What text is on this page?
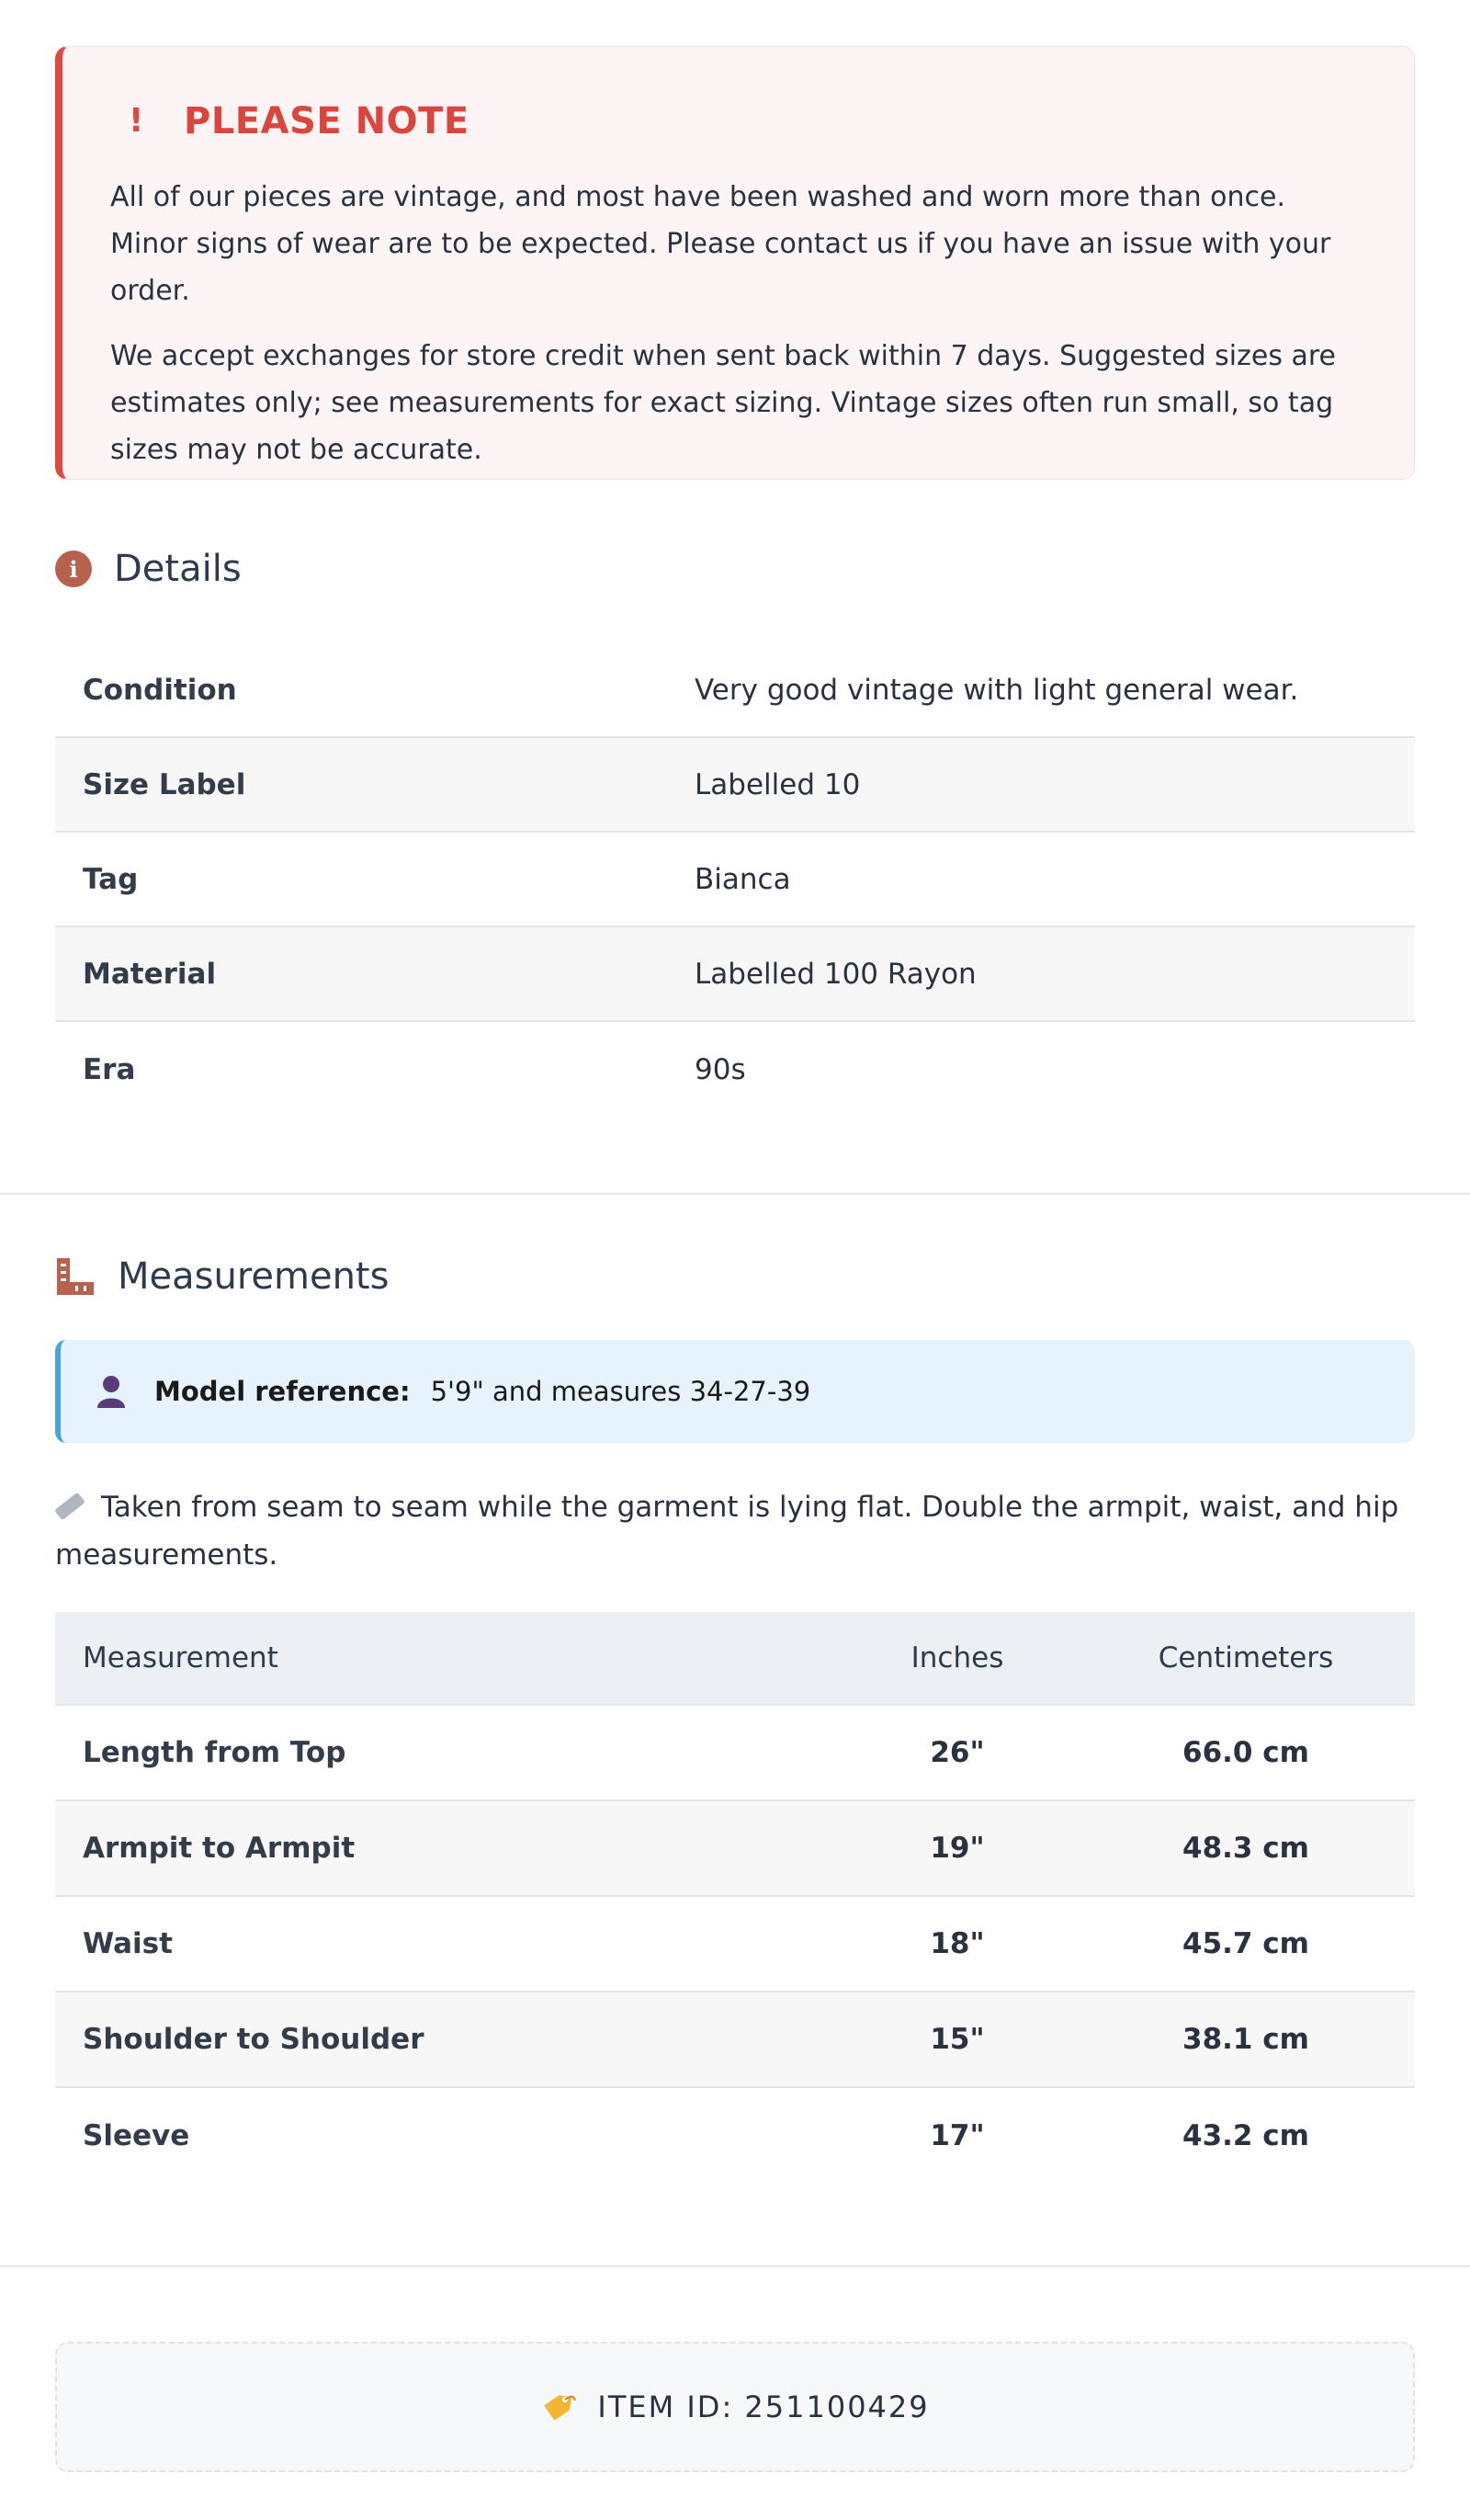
!	PLEASE NOTE

All of our pieces are vintage, and most have been washed and worn more than once. Minor signs of wear are to be expected. Please contact us if you have an issue with your order.

We accept exchanges for store credit when sent back within 7 days. Suggested sizes are estimates only; see measurements for exact sizing. Vintage sizes often run small, so tag sizes may not be accurate.

i Details
Condition	Very good vintage with light general wear.
Size Label	Labelled 10
Tag	Bianca
Material	Labelled 100 Rayon
Era	90s
Measurements
Model reference: 5'9" and measures 34-27-39
Taken from seam to seam while the garment is lying flat. Double the armpit, waist, and hip measurements.
Measurement	Inches	Centimeters
Length from Top	26"	66.0 cm
Armpit to Armpit	19"	48.3 cm
Waist	18"	45.7 cm
Shoulder to Shoulder	15"	38.1 cm
Sleeve	17"	43.2 cm
ITEM ID: 251100429
